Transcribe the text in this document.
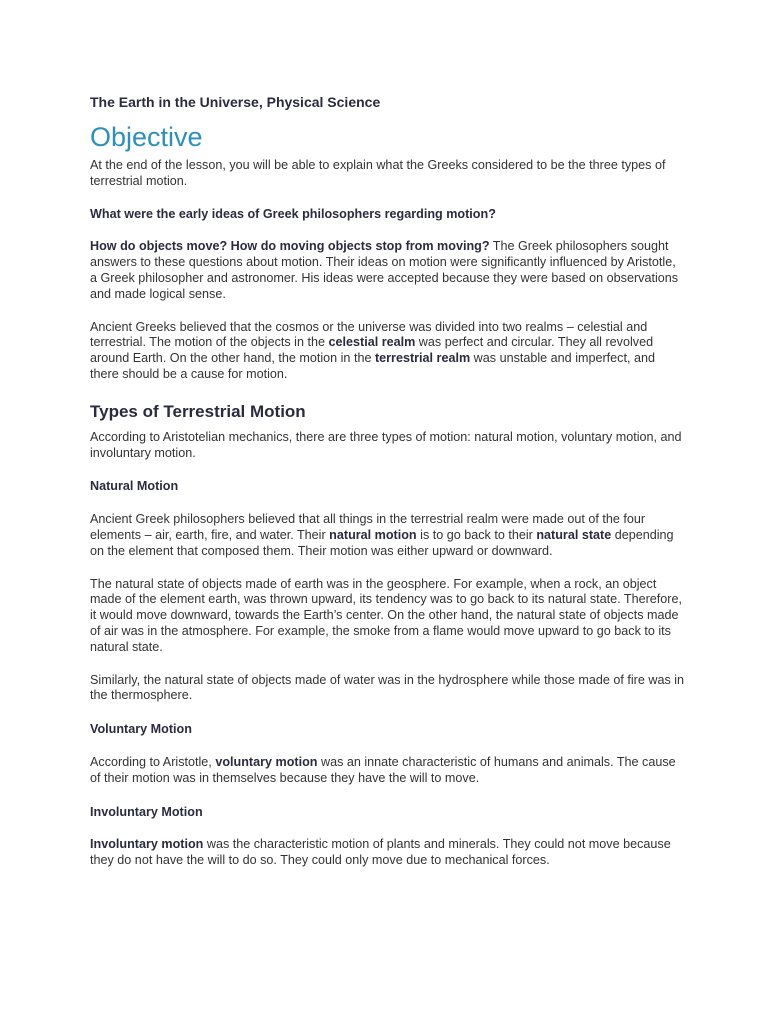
The Earth in the Universe, Physical Science
Objective

At the end of the lesson, you will be able to explain what the Greeks considered to be the three types of terrestrial motion.

What were the early ideas of Greek philosophers regarding motion?

How do objects move? How do moving objects stop from moving? The Greek philosophers sought answers to these questions about motion. Their ideas on motion were significantly influenced by Aristotle, a Greek philosopher and astronomer. His ideas were accepted because they were based on observations and made logical sense.

Ancient Greeks believed that the cosmos or the universe was divided into two realms – celestial and terrestrial. The motion of the objects in the celestial realm was perfect and circular. They all revolved around Earth. On the other hand, the motion in the terrestrial realm was unstable and imperfect, and there should be a cause for motion.

Types of Terrestrial Motion

According to Aristotelian mechanics, there are three types of motion: natural motion, voluntary motion, and involuntary motion.

Natural Motion

Ancient Greek philosophers believed that all things in the terrestrial realm were made out of the four elements – air, earth, fire, and water. Their natural motion is to go back to their natural state depending on the element that composed them. Their motion was either upward or downward.

The natural state of objects made of earth was in the geosphere. For example, when a rock, an object made of the element earth, was thrown upward, its tendency was to go back to its natural state. Therefore, it would move downward, towards the Earth’s center. On the other hand, the natural state of objects made of air was in the atmosphere. For example, the smoke from a flame would move upward to go back to its natural state.

Similarly, the natural state of objects made of water was in the hydrosphere while those made of fire was in the thermosphere.

Voluntary Motion

According to Aristotle, voluntary motion was an innate characteristic of humans and animals. The cause of their motion was in themselves because they have the will to move.

Involuntary Motion

Involuntary motion was the characteristic motion of plants and minerals. They could not move because they do not have the will to do so. They could only move due to mechanical forces.
